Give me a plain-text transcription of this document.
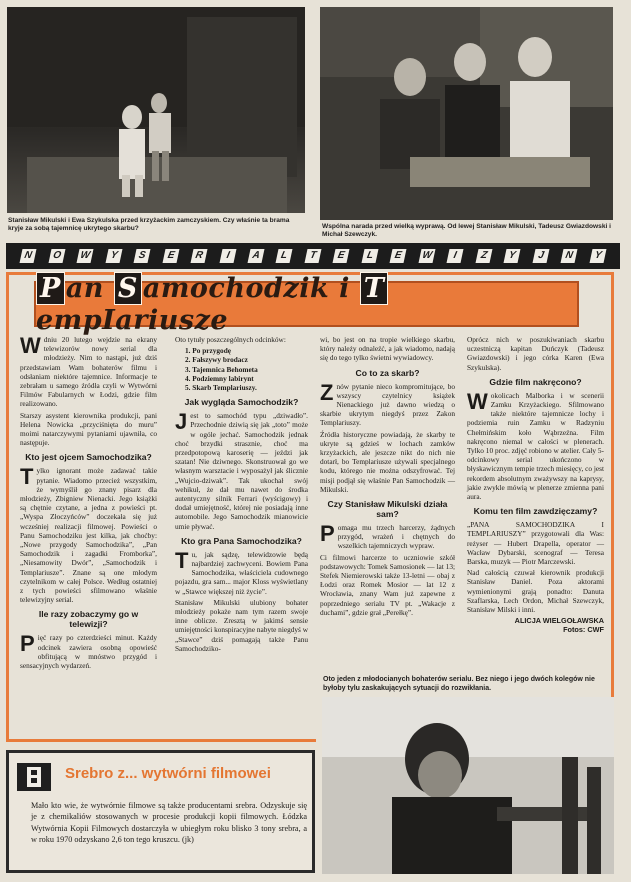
Stanisław Mikulski i Ewa Szykulska przed krzyżackim zamczyskiem. Czy właśnie ta brama kryje za sobą tajemnicę ukrytego skarbu?	Wspólna narada przed wielką wyprawą. Od lewej Stanisław Mikulski, Tadeusz Gwiazdowski i Michał Szewczyk.
N	O	W	Y	S	E	R	I	A	L	T	E	L	E	W	I	Z	Y	J	N	Y
P an S amochodzik i TempIariusze

Wdniu 20 lutego wejdzie na ekrany telewizorów nowy serial dla młodzieży. Nim to nastąpi, już dziś przedstawiam Wam bohaterów filmu i odsłaniam niektóre tajemnice. Informacje te zebrałam u samego źródła czyli w Wytwórni Filmów Fabularnych w Łodzi, gdzie film realizowano.

Starszy asystent kierownika produkcji, pani Helena Nowicka „przyciśnięta do muru” moimi natarczywymi pytaniami ujawniła, co następuje.

Kto jest ojcem Samochodzika?

Tylko ignorant może zadawać takie pytanie. Wiadomo przecież wszystkim, że wymyślił go znany pisarz dla młodzieży, Zbigniew Nienacki. Jego książki są chętnie czytane, a jedna z powieści pt. „Wyspa Złoczyńców” doczekała się już wcześniej realizacji filmowej. Powieści o Panu Samochodziku jest kilka, jak choćby: „Nowe przygody Samochodzika”, „Pan Samochodzik i zagadki Fromborka”, „Niesamowity Dwór”, „Samochodzik i Templariusze”. Znane są one młodym czytelnikom w całej Polsce. Według ostatniej z tych powieści sfilmowano właśnie telewizyjny serial.

Ile razy zobaczymy go w telewizji?

Pięć razy po czterdzieści minut. Każdy odcinek zawiera osobną opowieść obfitującą w mnóstwo przygód i sensacyjnych wydarzeń.

Oto tytuły poszczególnych odcinków:

1. Po przygodę
2. Fałszywy brodacz
3. Tajemnica Behometa
4. Podziemny labirynt
5. Skarb Templariuszy.
Jak wygląda Samochodzik?

Jest to samochód typu „dziwadło”. Przechodnie dziwią się jak „toto” może w ogóle jechać. Samochodzik jednak choć brzydki strasznie, choć ma przedpotopową karoserię — jeździ jak szatan! Nie dziwnego. Skonstruował go we własnym warsztacie i wyposażył jak ślicznie „Wujcio-dziwak”. Tak ukochał swój wehikuł, że dał mu nawet do środka autentyczny silnik Ferrari (wyścigowy) i dodał umiejętność, której nie posiadają inne automobile. Jego Samochodzik mianowicie umie pływać.

Kto gra Pana Samochodzika?

Tu, jak sądzę, telewidzowie będą najbardziej zachwyceni. Bowiem Pana Samochodzika, właściciela cudownego pojazdu, gra sam... major Kloss wyświetlany w „Stawce większej niż życie”.

Stanisław Mikulski ulubiony bohater młodzieży pokaże nam tym razem swoje inne oblicze. Zresztą w jakimś sensie umiejętności konspiracyjne nabyte niegdyś w „Stawce” dziś pomagają także Panu Samochodziko-

wi, bo jest on na tropie wielkiego skarbu, który należy odnaleźć, a jak wiadomo, nadają się do tego tylko świetni wywiadowcy.

Co to za skarb?

Znów pytanie nieco kompromitujące, bo wszyscy czytelnicy książek Nienackiego już dawno wiedzą o skarbie ukrytym niegdyś przez Zakon Templariuszy.

Źródła historyczne powiadają, że skarby te ukryte są gdzieś w lochach zamków krzyżackich, ale jeszcze nikt do nich nie dotarł, bo Templariusze używali specjalnego kodu, którego nie można odszyfrować. Tej misji podjął się właśnie Pan Samochodzik — Mikulski.

Czy Stanisław Mikulski działa sam?

Pomaga mu trzech harcerzy, żądnych przygód, wrażeń i chętnych do wszelkich tajemniczych wypraw.

Ci filmowi harcerze to uczniowie szkół podstawowych: Tomek Samosionek — lat 13; Stefek Niemierowski także 13-letni — obaj z Łodzi oraz Romek Mosior — lat 12 z Wrocławia, znany Wam już zapewne z poprzedniego serialu TV pt. „Wakacje z duchami”, gdzie grał „Perełkę”.

Oprócz nich w poszukiwaniach skarbu uczestniczą kapitan Duńczyk (Tadeusz Gwiazdowski) i jego córka Karen (Ewa Szykulska).

Gdzie film nakręcono?

Wokolicach Malborka i w scenerii Zamku Krzyżackiego. Sfilmowano także niektóre tajemnicze lochy i podziemia ruin Zamku w Radzyniu Chełmińskim koło Wąbrzeźna. Film nakręcono niemal w całości w plenerach. Tylko 10 proc. zdjęć robiono w atelier. Cały 5-odcinkowy serial ukończono w błyskawicznym tempie trzech miesięcy, co jest rekordem absolutnym zważywszy na kaprysy, jakie zwykle mówią w plenerze zmienna pani aura.

Komu ten film zawdzięczamy?

„PANA SAMOCHODZIKA I TEMPLARIUSZY” przygotowali dla Was: reżyser — Hubert Drapella, operator — Wacław Dybarski, scenograf — Teresa Barska, muzyk — Piotr Marczewski.

Nad całością czuwał kierownik produkcji Stanisław Daniel. Poza aktorami wymienionymi grają ponadto: Danuta Szaflarska, Lech Ordon, Michał Szewczyk, Stanisław Milski i inni.

ALICJA WIELGOŁAWSKA
Fotos: CWF
Oto jeden z młodocianych bohaterów serialu. Bez niego i jego dwóch kolegów nie byłoby tylu zaskakujących sytuacji do rozwikłania.
Srebro z... wytwórni filmowei
Mało kto wie, że wytwórnie filmowe są także producentami srebra. Odzyskuje się je z chemikaliów stosowanych w procesie produkcji kopii filmowych. Łódzka Wytwórnia Kopii Filmowych dostarczyła w ubiegłym roku blisko 3 tony srebra, a w roku 1970 odzyskano 2,6 ton tego kruszcu. (jk)
